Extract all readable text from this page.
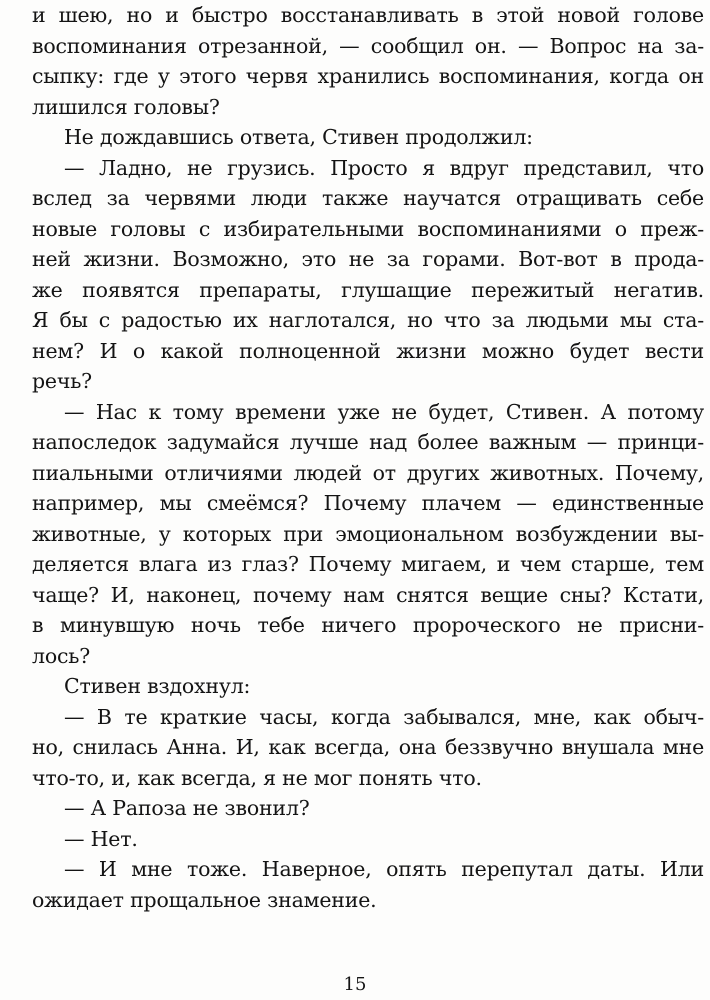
и шею, но и быстро восстанавливать в этой новой голове
воспоминания отрезанной, — сообщил он. — Вопрос на за-
сыпку: где у этого червя хранились воспоминания, когда он
лишился головы?
Не дождавшись ответа, Стивен продолжил:
— Ладно, не грузись. Просто я вдруг представил, что
вслед за червями люди также научатся отращивать себе
новые головы с избирательными воспоминаниями о преж-
ней жизни. Возможно, это не за горами. Вот-вот в прода-
же появятся препараты, глушащие пережитый негатив.
Я бы с радостью их наглотался, но что за людьми мы ста-
нем? И о какой полноценной жизни можно будет вести
речь?
— Нас к тому времени уже не будет, Стивен. А потому
напоследок задумайся лучше над более важным — принци-
пиальными отличиями людей от других животных. Почему,
например, мы смеёмся? Почему плачем — единственные
животные, у которых при эмоциональном возбуждении вы-
деляется влага из глаз? Почему мигаем, и чем старше, тем
чаще? И, наконец, почему нам снятся вещие сны? Кстати,
в минувшую ночь тебе ничего пророческого не присни-
лось?
Стивен вздохнул:
— В те краткие часы, когда забывался, мне, как обыч-
но, снилась Анна. И, как всегда, она беззвучно внушала мне
что-то, и, как всегда, я не мог понять что.
— А Рапоза не звонил?
— Нет.
— И мне тоже. Наверное, опять перепутал даты. Или
ожидает прощальное знамение.
15
